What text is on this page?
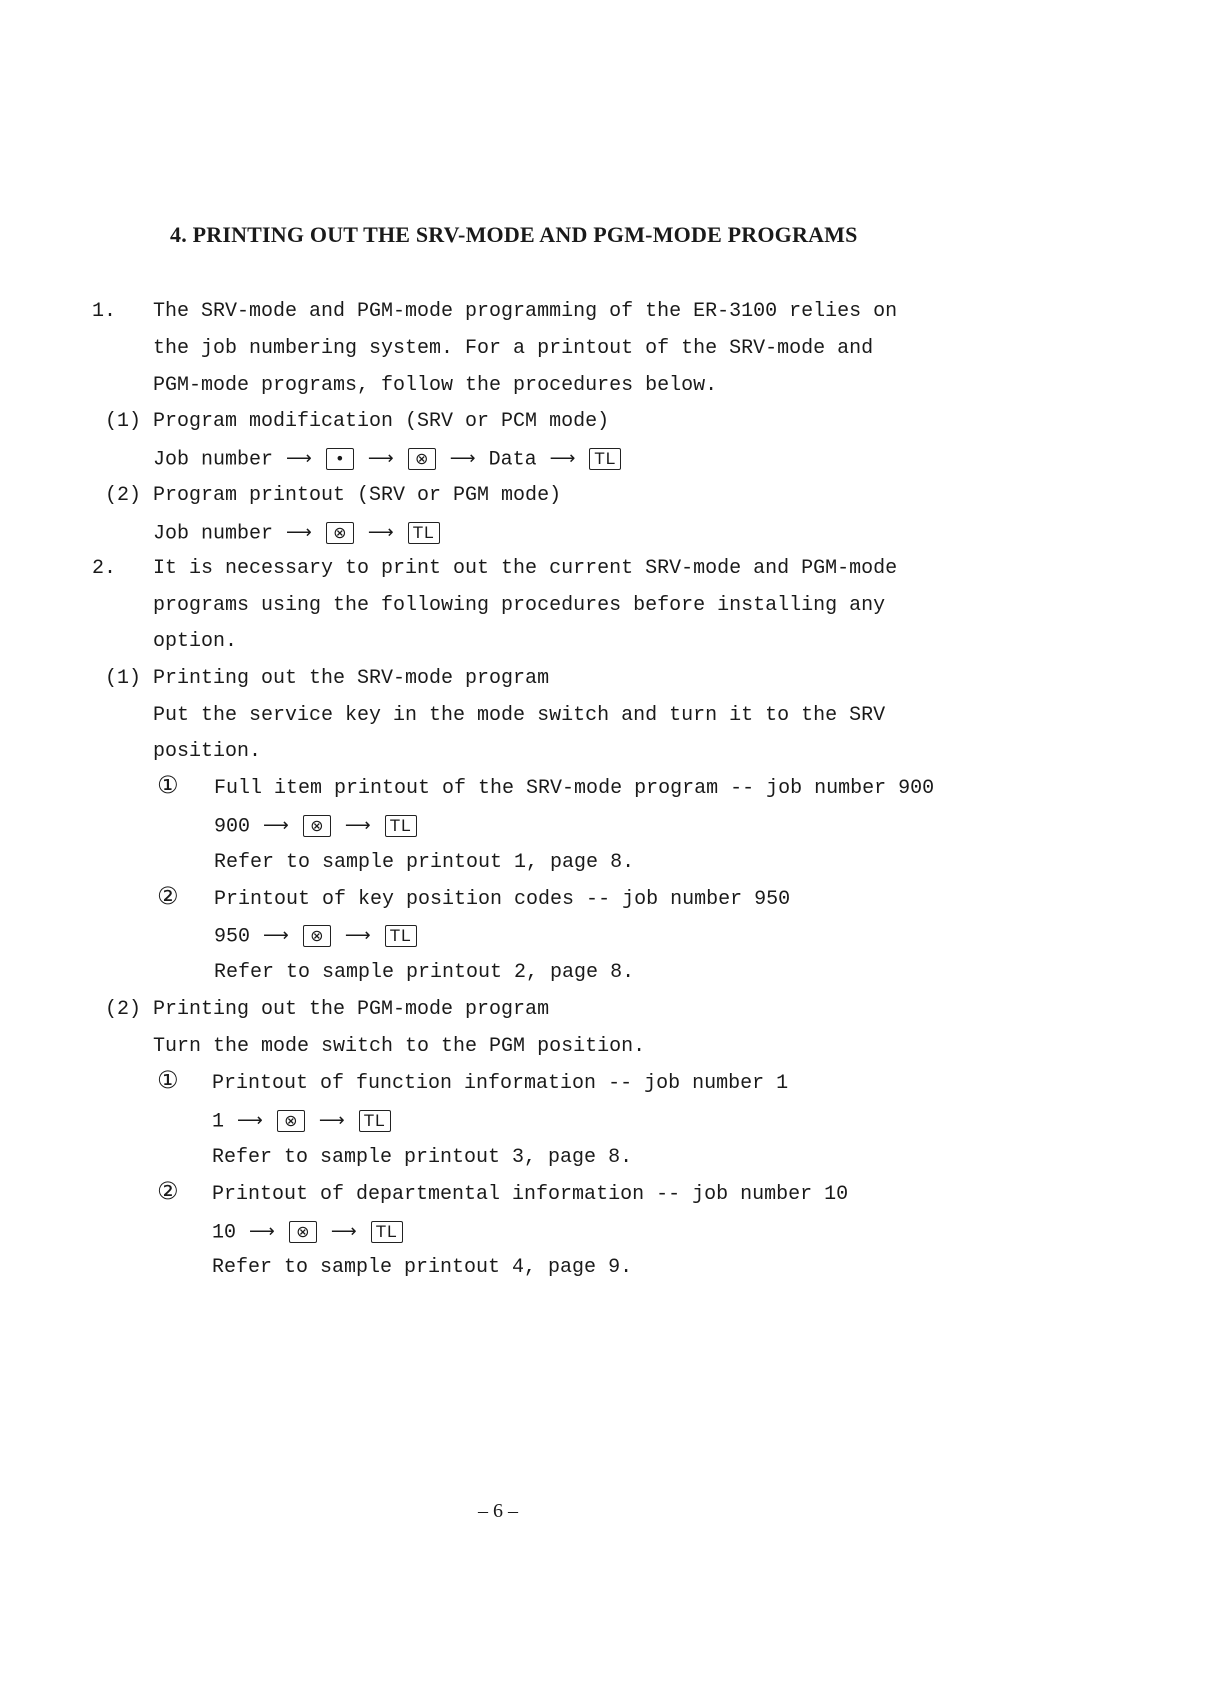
4. PRINTING OUT THE SRV-MODE AND PGM-MODE PROGRAMS
1. The SRV-mode and PGM-mode programming of the ER-3100 relies on
the job numbering system. For a printout of the SRV-mode and
PGM-mode programs, follow the procedures below.
(1) Program modification (SRV or PCM mode)
Job number ⟶ • ⟶ ⊗ ⟶ Data ⟶ TL
(2) Program printout (SRV or PGM mode)
Job number ⟶ ⊗ ⟶ TL
2. It is necessary to print out the current SRV-mode and PGM-mode
programs using the following procedures before installing any
option.
(1) Printing out the SRV-mode program
Put the service key in the mode switch and turn it to the SRV
position.
① Full item printout of the SRV-mode program -- job number 900
900 ⟶ ⊗ ⟶ TL
Refer to sample printout 1, page 8.
② Printout of key position codes -- job number 950
950 ⟶ ⊗ ⟶ TL
Refer to sample printout 2, page 8.
(2) Printing out the PGM-mode program
Turn the mode switch to the PGM position.
① Printout of function information -- job number 1
1 ⟶ ⊗ ⟶ TL
Refer to sample printout 3, page 8.
② Printout of departmental information -- job number 10
10 ⟶ ⊗ ⟶ TL
Refer to sample printout 4, page 9.
– 6 –
